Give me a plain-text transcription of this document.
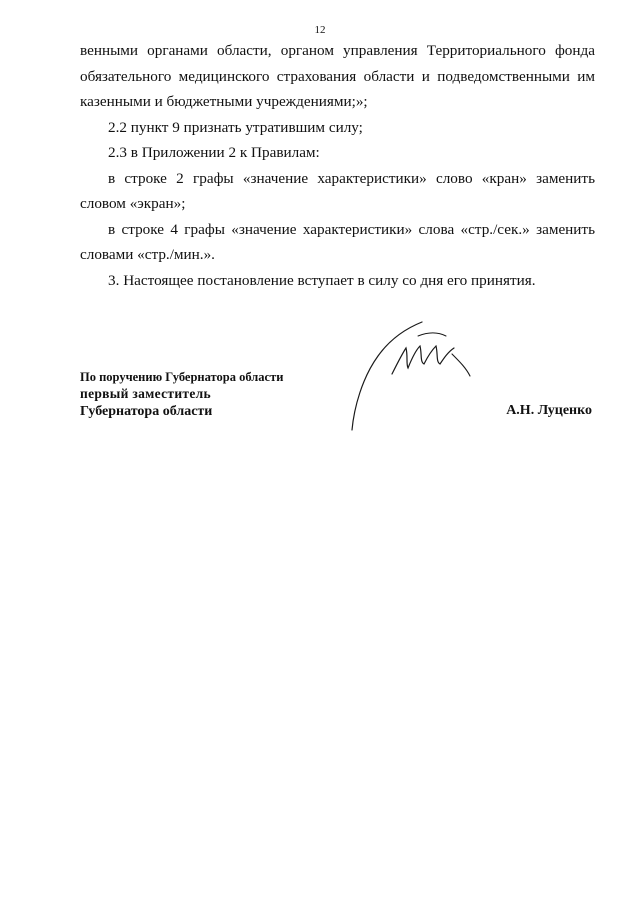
12

венными органами области, органом управления Территориального фонда обязательного медицинского страхования области и подведомственными им казенными и бюджетными учреждениями;»;

2.2 пункт 9 признать утратившим силу;

2.3 в Приложении 2 к Правилам:

в строке 2 графы «значение характеристики» слово «кран» заменить словом «экран»;

в строке 4 графы «значение характеристики» слова «стр./сек.» заменить словами «стр./мин.».

3. Настоящее постановление вступает в силу со дня его принятия.

По поручению Губернатора области
первый заместитель
Губернатора области	А.Н. Луценко
